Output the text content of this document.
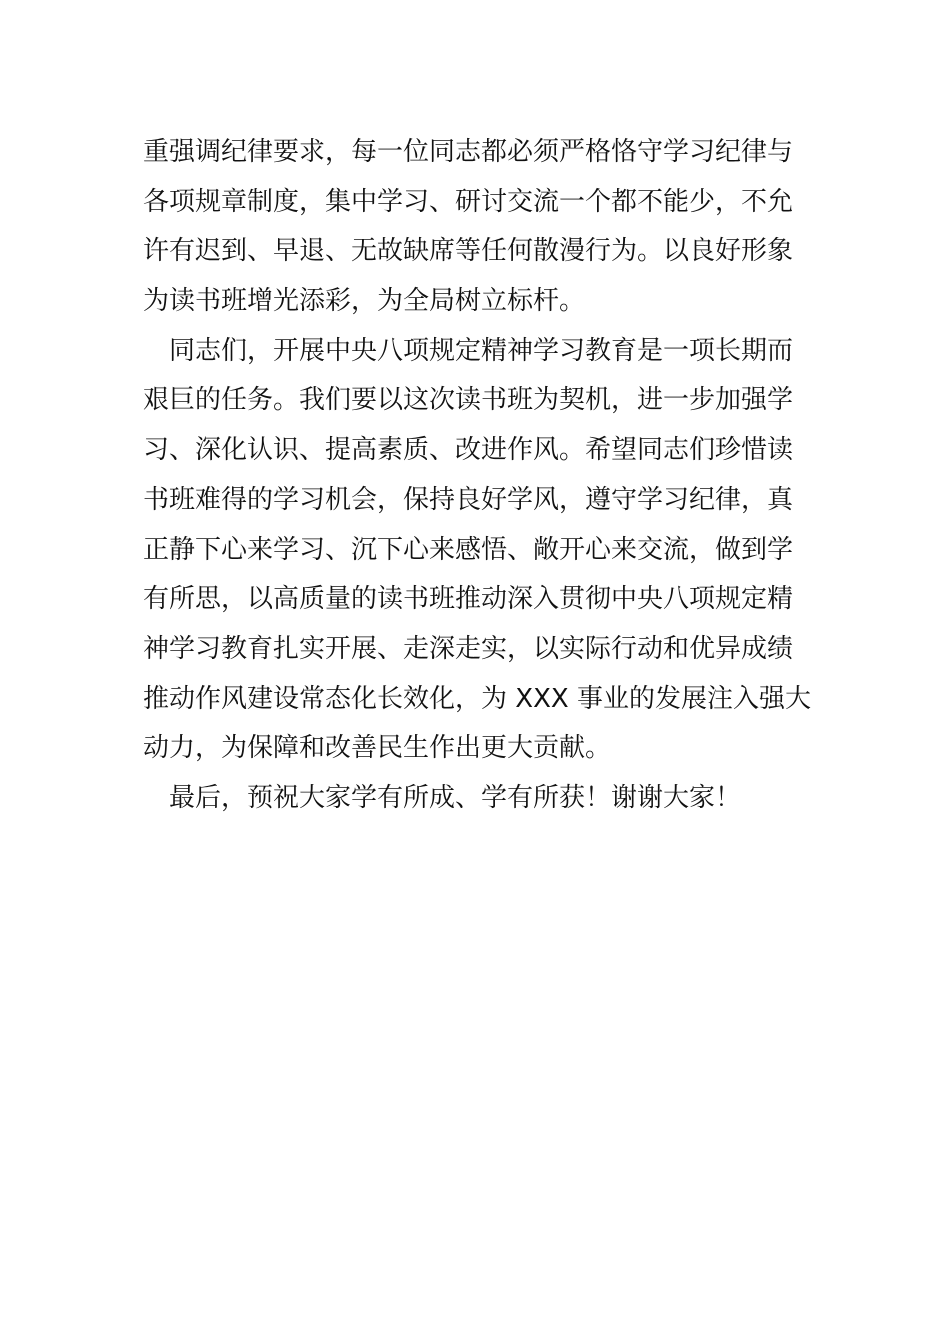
重强调纪律要求，每一位同志都必须严格恪守学习纪律与
各项规章制度，集中学习、研讨交流一个都不能少，不允
许有迟到、早退、无故缺席等任何散漫行为。以良好形象
为读书班增光添彩，为全局树立标杆。
　同志们，开展中央八项规定精神学习教育是一项长期而
艰巨的任务。我们要以这次读书班为契机，进一步加强学
习、深化认识、提高素质、改进作风。希望同志们珍惜读
书班难得的学习机会，保持良好学风，遵守学习纪律，真
正静下心来学习、沉下心来感悟、敞开心来交流，做到学
有所思，以高质量的读书班推动深入贯彻中央八项规定精
神学习教育扎实开展、走深走实，以实际行动和优异成绩
推动作风建设常态化长效化，为 XXX 事业的发展注入强大
动力，为保障和改善民生作出更大贡献。
　最后，预祝大家学有所成、学有所获！谢谢大家！
